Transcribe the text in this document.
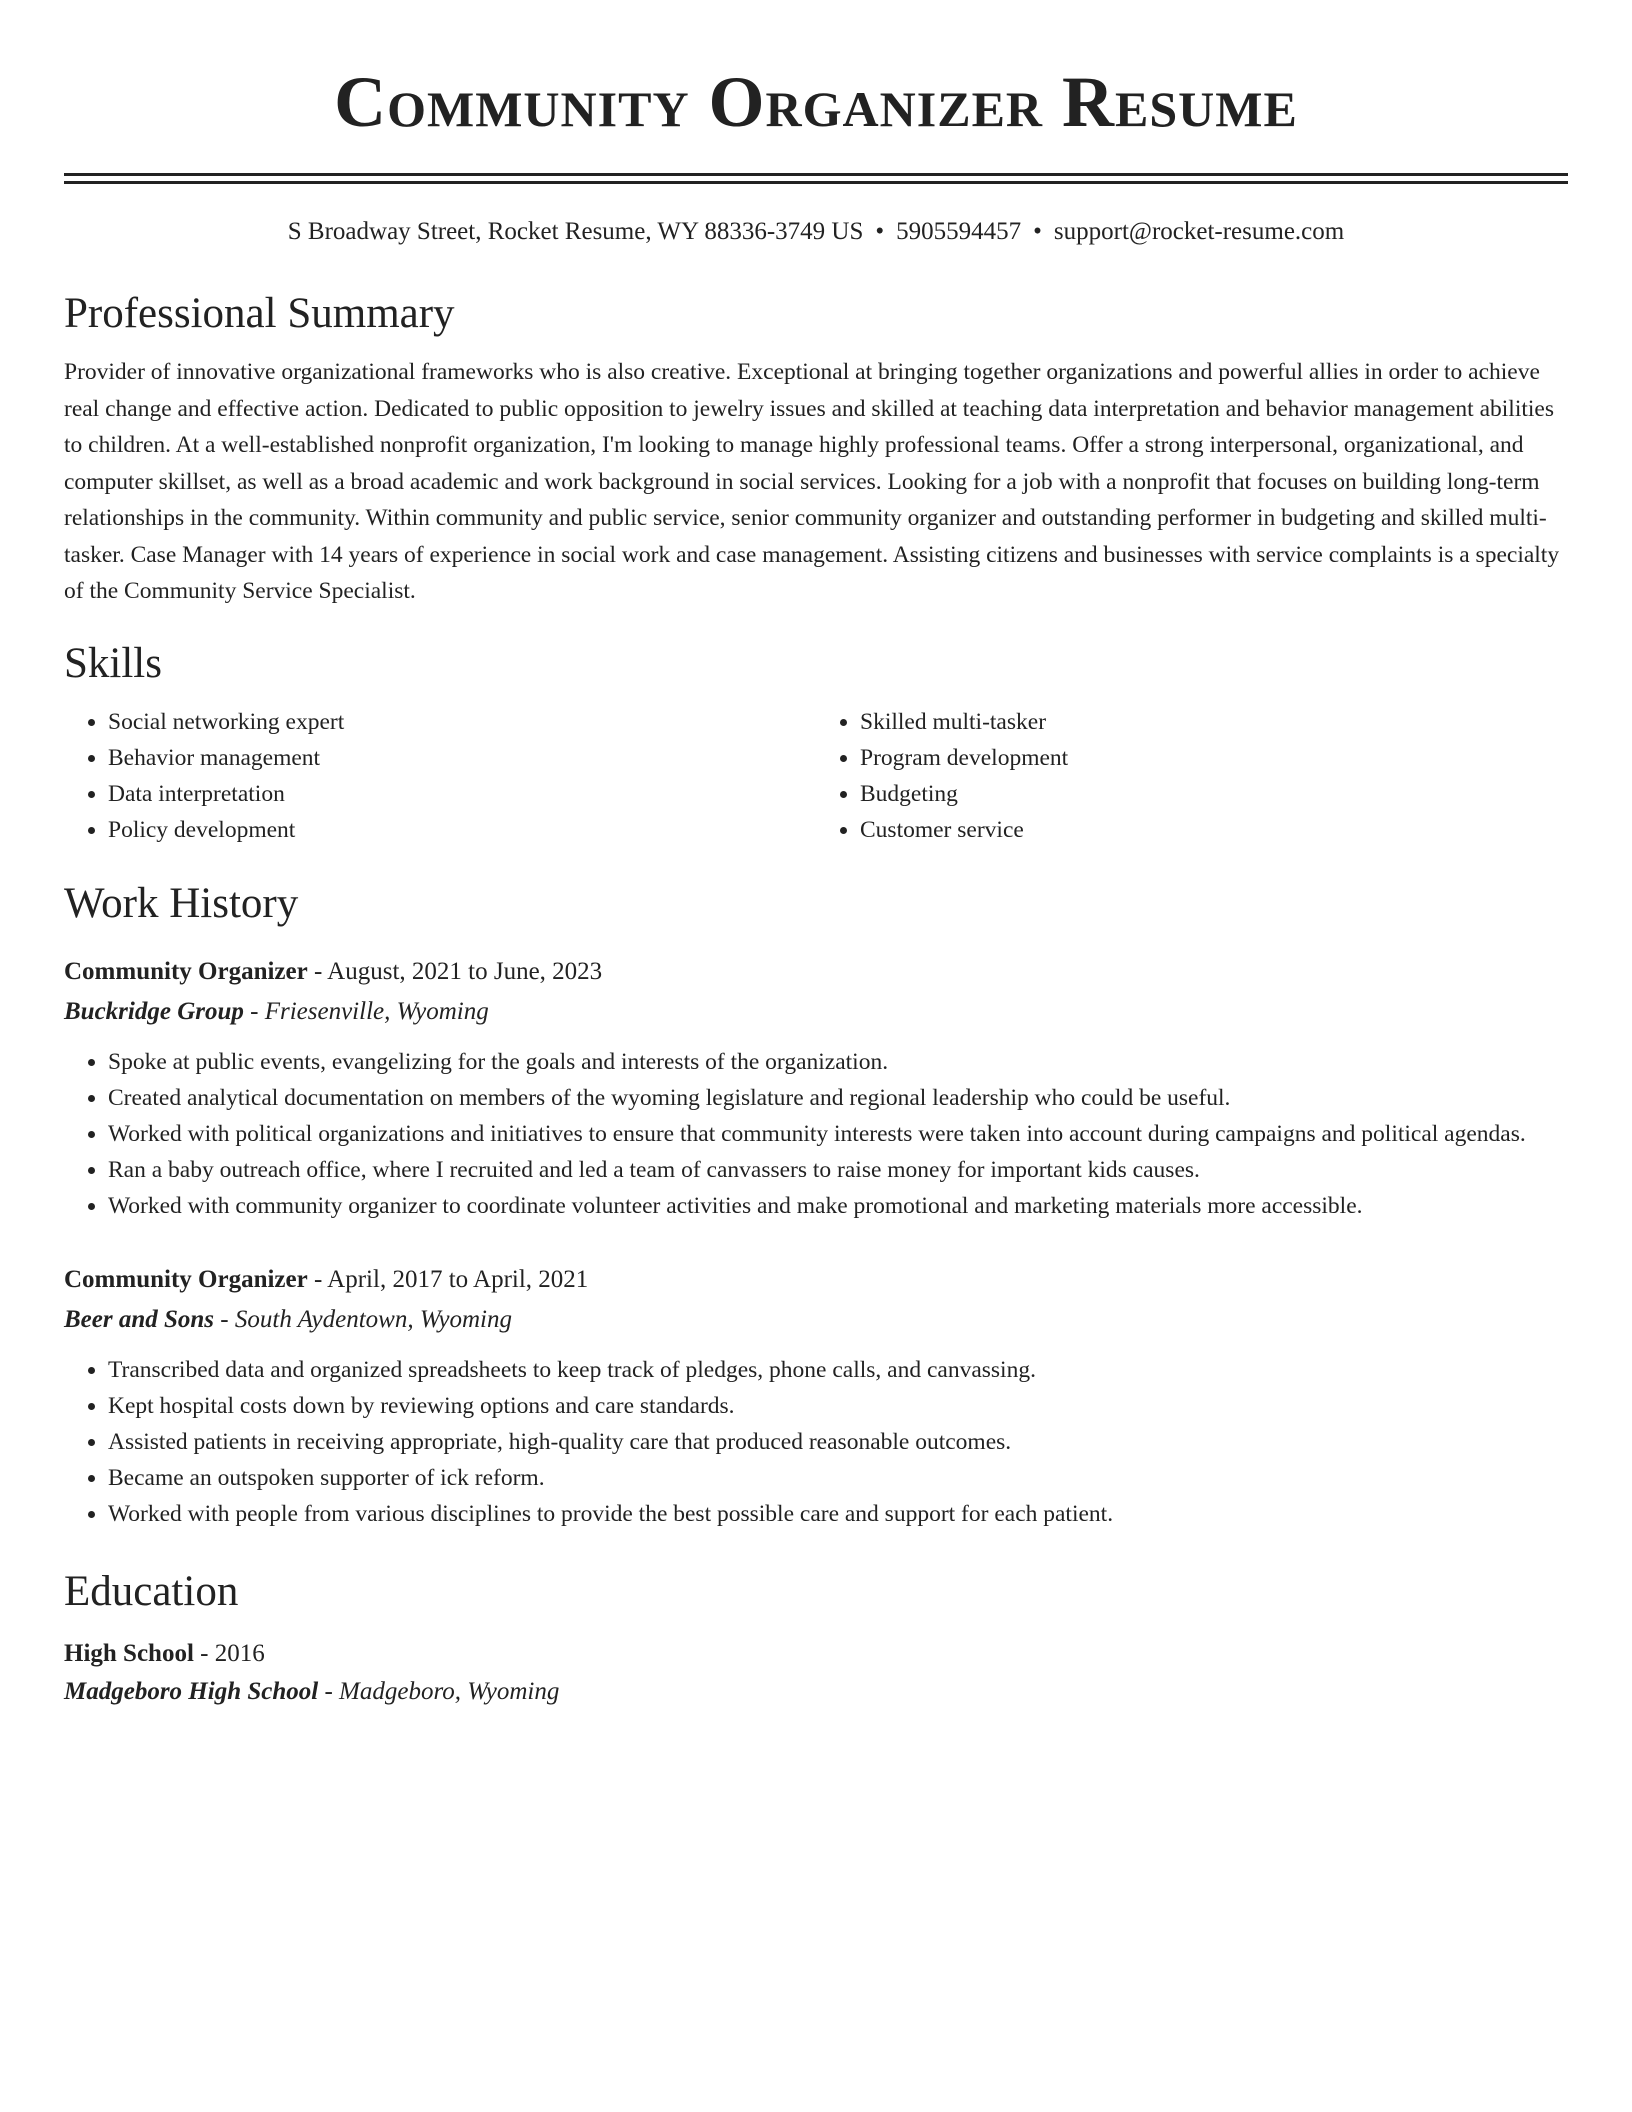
Community Organizer Resume
S Broadway Street, Rocket Resume, WY 88336-3749 US • 5905594457 • support@rocket-resume.com
Professional Summary

Provider of innovative organizational frameworks who is also creative. Exceptional at bringing together organizations and powerful allies in order to achieve real change and effective action. Dedicated to public opposition to jewelry issues and skilled at teaching data interpretation and behavior management abilities to children. At a well-established nonprofit organization, I'm looking to manage highly professional teams. Offer a strong interpersonal, organizational, and computer skillset, as well as a broad academic and work background in social services. Looking for a job with a nonprofit that focuses on building long-term relationships in the community. Within community and public service, senior community organizer and outstanding performer in budgeting and skilled multi-tasker. Case Manager with 14 years of experience in social work and case management. Assisting citizens and businesses with service complaints is a specialty of the Community Service Specialist.

Skills
• Social networking expert
• Behavior management
• Data interpretation
• Policy development
• Skilled multi-tasker
• Program development
• Budgeting
• Customer service
Work History
Community Organizer - August, 2021 to June, 2023
Buckridge Group - Friesenville, Wyoming
• Spoke at public events, evangelizing for the goals and interests of the organization.
• Created analytical documentation on members of the wyoming legislature and regional leadership who could be useful.
• Worked with political organizations and initiatives to ensure that community interests were taken into account during campaigns and political agendas.
• Ran a baby outreach office, where I recruited and led a team of canvassers to raise money for important kids causes.
• Worked with community organizer to coordinate volunteer activities and make promotional and marketing materials more accessible.
Community Organizer - April, 2017 to April, 2021
Beer and Sons - South Aydentown, Wyoming
• Transcribed data and organized spreadsheets to keep track of pledges, phone calls, and canvassing.
• Kept hospital costs down by reviewing options and care standards.
• Assisted patients in receiving appropriate, high-quality care that produced reasonable outcomes.
• Became an outspoken supporter of ick reform.
• Worked with people from various disciplines to provide the best possible care and support for each patient.
Education
High School - 2016
Madgeboro High School - Madgeboro, Wyoming
